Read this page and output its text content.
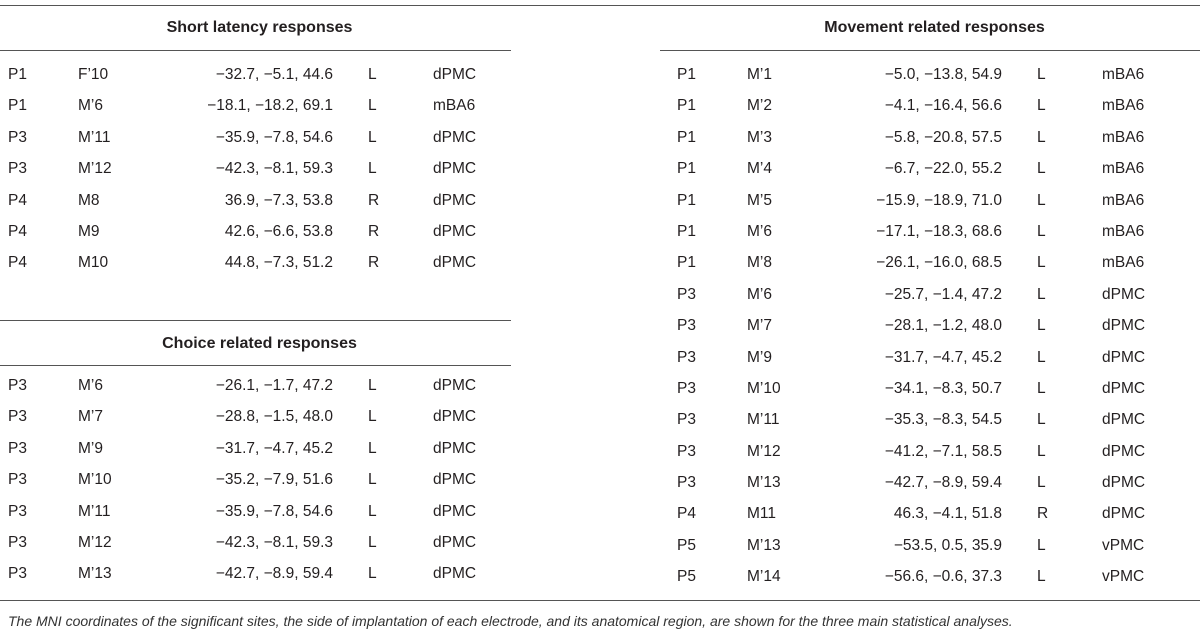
Short latency responses
P1	F’10	−32.7, −5.1, 44.6 L	dPMC
P1	M’6	−18.1, −18.2, 69.1 L	mBA6
P3	M’11	−35.9, −7.8, 54.6 L	dPMC
P3	M’12	−42.3, −8.1, 59.3 L	dPMC
P4	M8	36.9, −7.3, 53.8 R	dPMC
P4	M9	42.6, −6.6, 53.8 R	dPMC
P4	M10	44.8, −7.3, 51.2 R	dPMC
Choice related responses
P3	M’6	−26.1, −1.7, 47.2 L	dPMC
P3	M’7	−28.8, −1.5, 48.0 L	dPMC
P3	M’9	−31.7, −4.7, 45.2 L	dPMC
P3	M’10	−35.2, −7.9, 51.6 L	dPMC
P3	M’11	−35.9, −7.8, 54.6 L	dPMC
P3	M’12	−42.3, −8.1, 59.3 L	dPMC
P3	M’13	−42.7, −8.9, 59.4 L	dPMC
Movement related responses
P1	M’1	−5.0, −13.8, 54.9 L	mBA6
P1	M’2	−4.1, −16.4, 56.6 L	mBA6
P1	M’3	−5.8, −20.8, 57.5 L	mBA6
P1	M’4	−6.7, −22.0, 55.2 L	mBA6
P1	M’5	−15.9, −18.9, 71.0 L	mBA6
P1	M’6	−17.1, −18.3, 68.6 L	mBA6
P1	M’8	−26.1, −16.0, 68.5 L	mBA6
P3	M’6	−25.7, −1.4, 47.2 L	dPMC
P3	M’7	−28.1, −1.2, 48.0 L	dPMC
P3	M’9	−31.7, −4.7, 45.2 L	dPMC
P3	M’10	−34.1, −8.3, 50.7 L	dPMC
P3	M’11	−35.3, −8.3, 54.5 L	dPMC
P3	M’12	−41.2, −7.1, 58.5 L	dPMC
P3	M’13	−42.7, −8.9, 59.4 L	dPMC
P4	M11	46.3, −4.1, 51.8 R	dPMC
P5	M’13	−53.5, 0.5, 35.9 L	vPMC
P5	M’14	−56.6, −0.6, 37.3 L	vPMC
The MNI coordinates of the significant sites, the side of implantation of each electrode, and its anatomical region, are shown for the three main statistical analyses.
